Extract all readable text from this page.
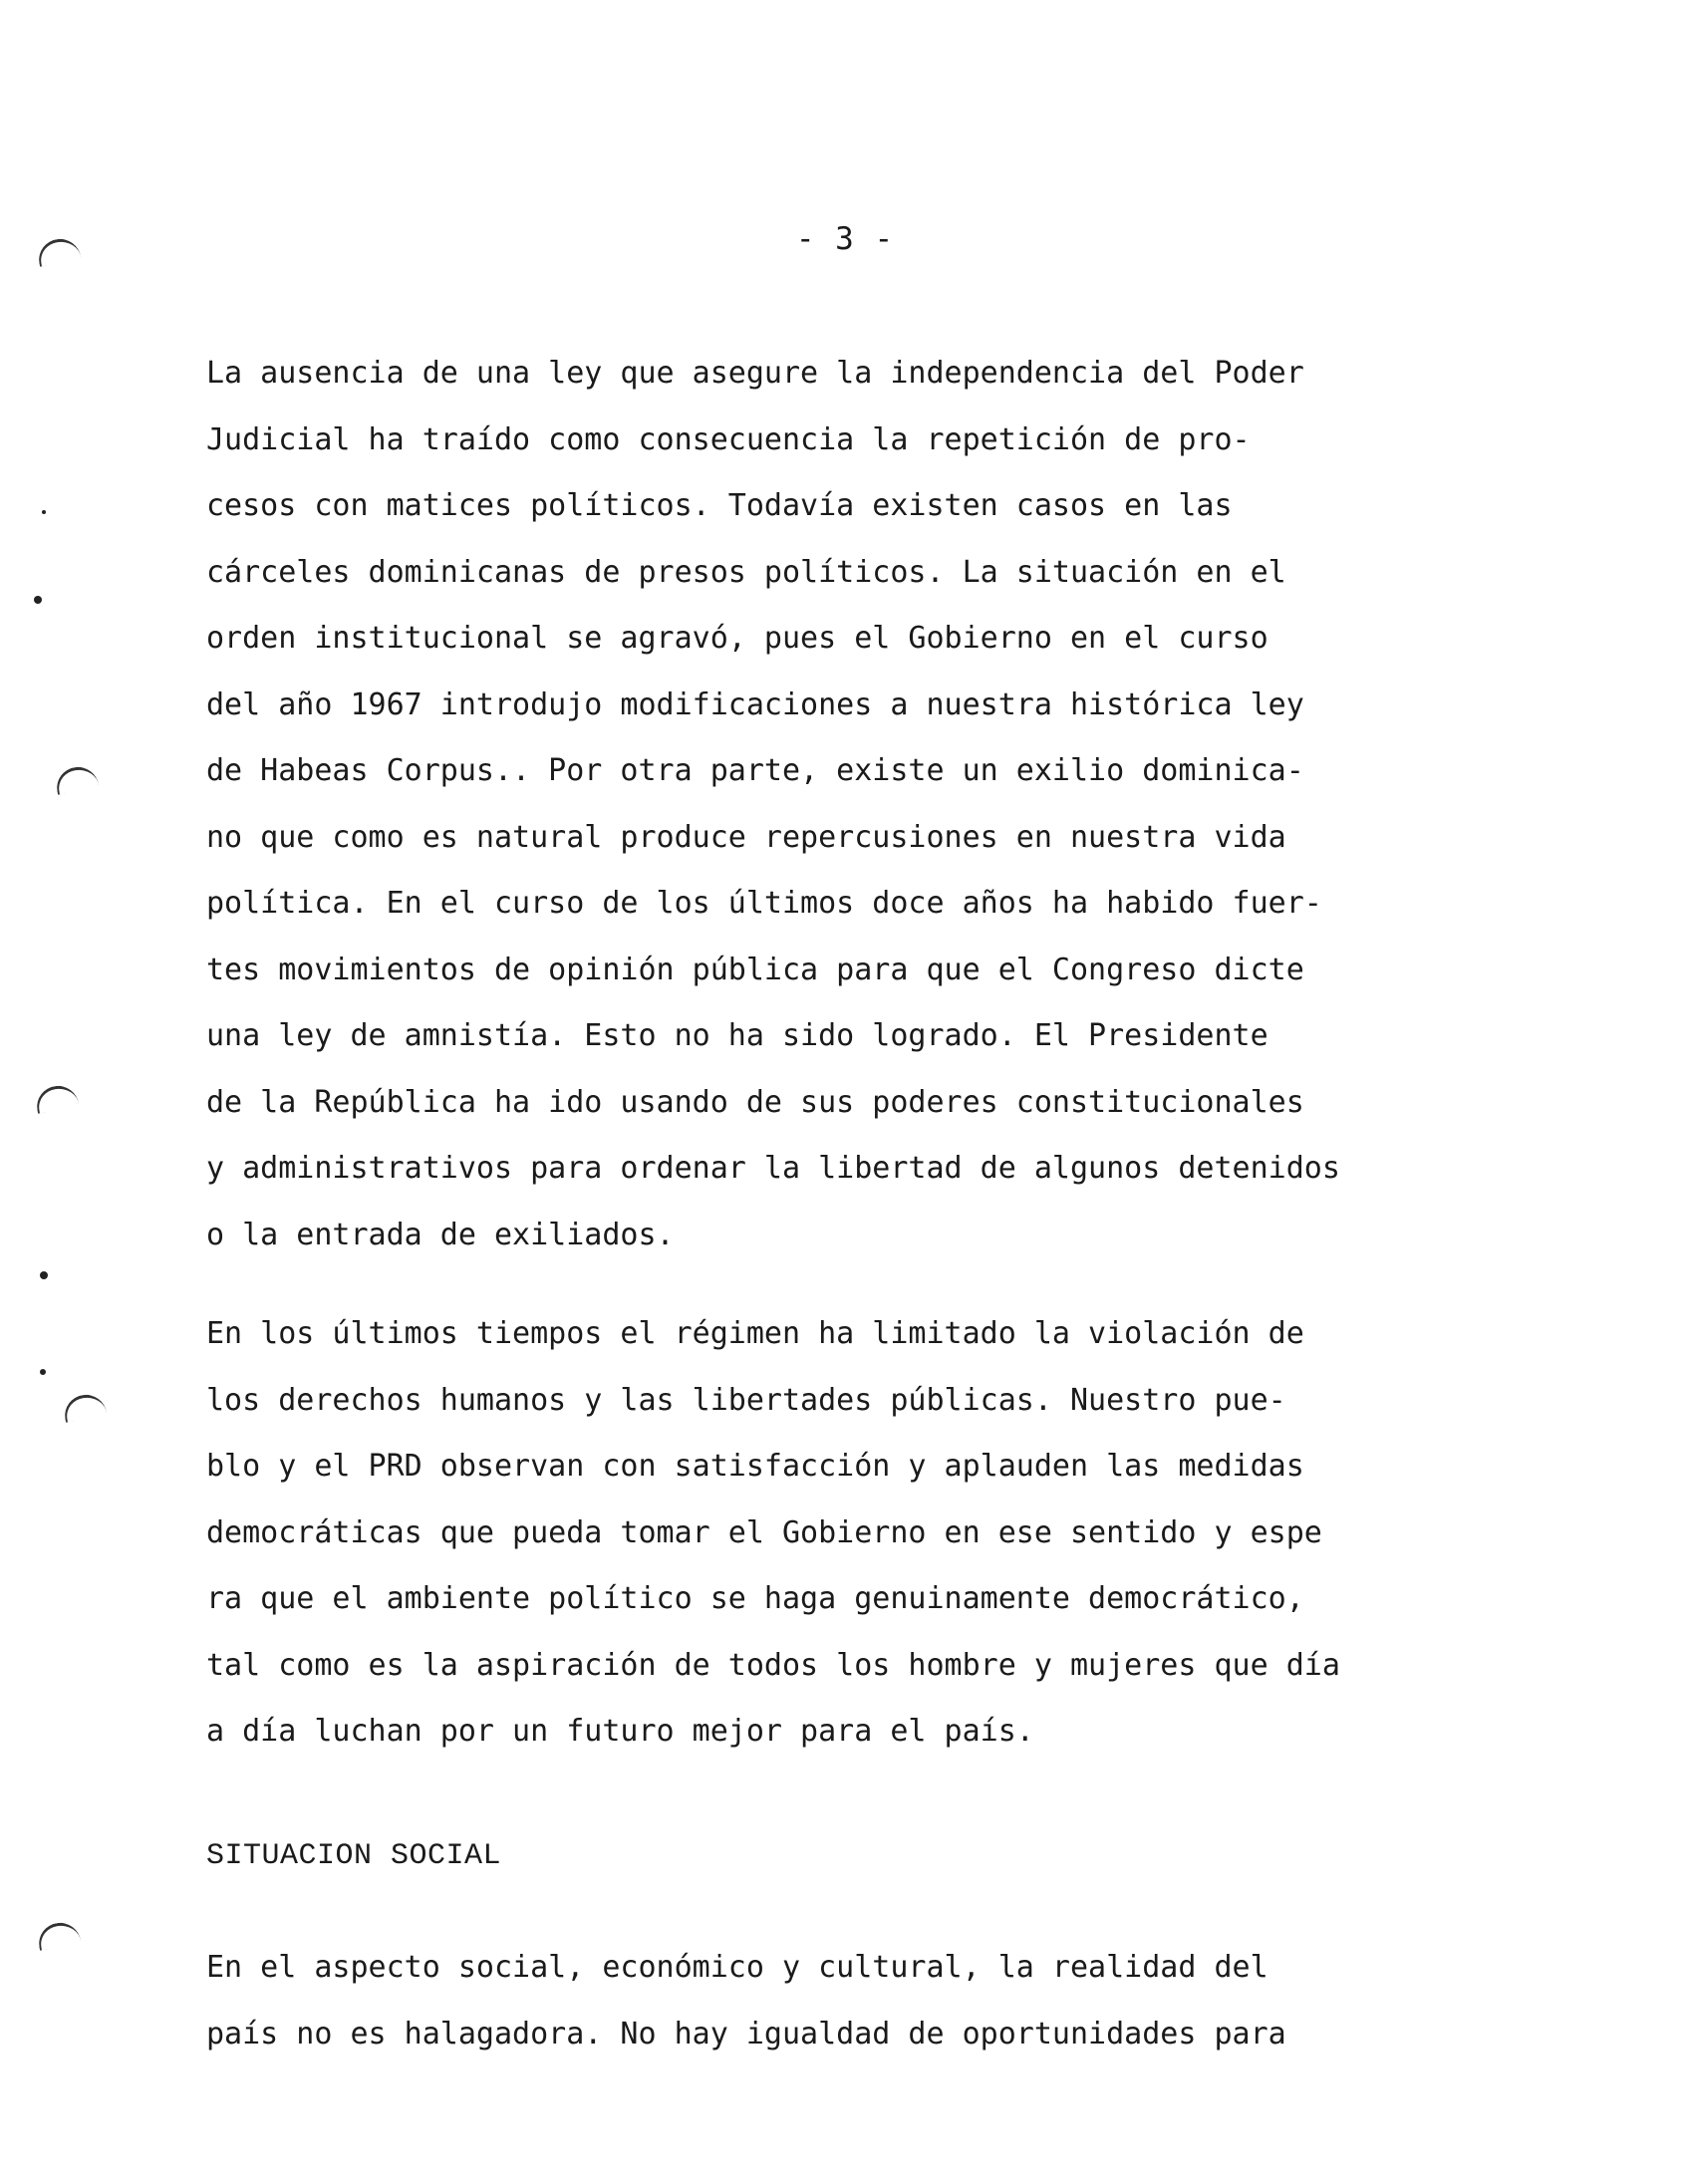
- 3 -
La ausencia de una ley que asegure la independencia del Poder
Judicial ha traído como consecuencia la repetición de pro-
cesos con matices políticos. Todavía existen casos en las
cárceles dominicanas de presos políticos. La situación en el
orden institucional se agravó, pues el Gobierno en el curso
del año 1967 introdujo modificaciones a nuestra histórica ley
de Habeas Corpus.. Por otra parte, existe un exilio dominica-
no que como es natural produce repercusiones en nuestra vida
política. En el curso de los últimos doce años ha habido fuer-
tes movimientos de opinión pública para que el Congreso dicte
una ley de amnistía. Esto no ha sido logrado. El Presidente
de la República ha ido usando de sus poderes constitucionales
y administrativos para ordenar la libertad de algunos detenidos
o la entrada de exiliados.
En los últimos tiempos el régimen ha limitado la violación de
los derechos humanos y las libertades públicas. Nuestro pue-
blo y el PRD observan con satisfacción y aplauden las medidas
democráticas que pueda tomar el Gobierno en ese sentido y espe
ra que el ambiente político se haga genuinamente democrático,
tal como es la aspiración de todos los hombre y mujeres que día
a día luchan por un futuro mejor para el país.
SITUACION SOCIAL
En el aspecto social, económico y cultural, la realidad del
país no es halagadora. No hay igualdad de oportunidades para
